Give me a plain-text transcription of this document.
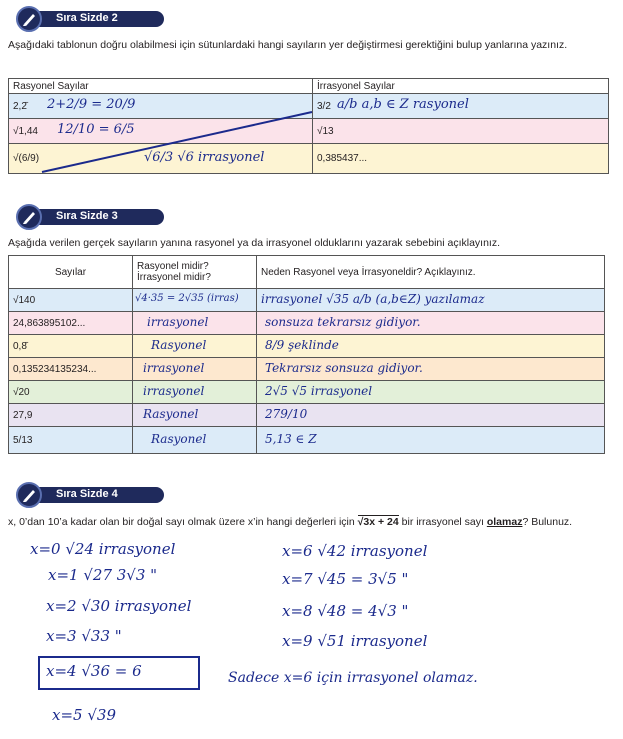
Sıra Sizde 2
Aşağıdaki tablonun doğru olabilmesi için sütunlardaki hangi sayıların yer değiştirmesi gerektiğini bulup yanlarına yazınız.
Rasyonel Sayılar	İrrasyonel Sayılar
2,2̄ 2+2/9 = 20/9	3/2 a/b a,b ∈ Z rasyonel

√1,44 12/10 = 6/5	√13
√(6/9) √6/3 √6 irrasyonel	0,385437...
Sıra Sizde 3
Aşağıda verilen gerçek sayıların yanına rasyonel ya da irrasyonel olduklarını yazarak sebebini açıklayınız.
Sayılar	Rasyonel midir? İrrasyonel midir?	Neden Rasyonel veya İrrasyoneldir? Açıklayınız.
√140	√4·35 = 2√35 (irras)	irrasyonel √35 a/b (a,b∈Z) yazılamaz

24,863895102...	irrasyonel	sonsuza tekrarsız gidiyor.

0,8̄	Rasyonel	8/9 şeklinde

0,135234135234...	irrasyonel	Tekrarsız sonsuza gidiyor.

√20	irrasyonel	2√5 √5 irrasyonel

27,9	Rasyonel	279/10

5/13	Rasyonel	5,13 ∈ Z
Sıra Sizde 4
x, 0’dan 10’a kadar olan bir doğal sayı olmak üzere x’in hangi değerleri için √3x + 24 bir irrasyonel sayı olamaz? Bulunuz.
x=0 √24 irrasyonel
x=1 √27 3√3 "
x=2 √30 irrasyonel
x=3 √33 "
x=4 √36 = 6
x=5 √39
x=6 √42 irrasyonel
x=7 √45 = 3√5 "
x=8 √48 = 4√3 "
x=9 √51 irrasyonel
Sadece x=6 için irrasyonel olamaz.
